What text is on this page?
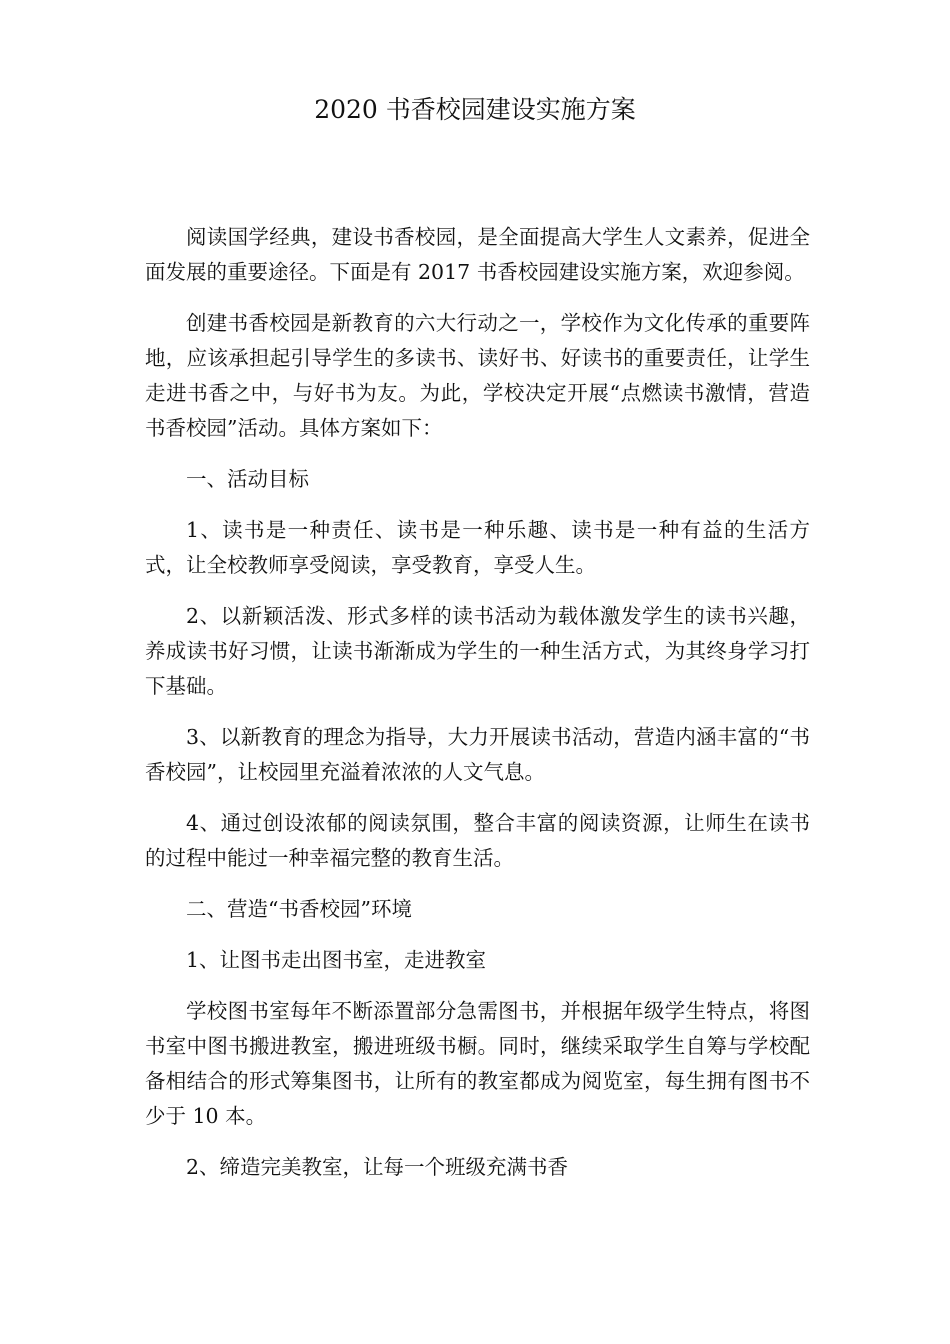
2020 书香校园建设实施方案

阅读国学经典，建设书香校园，是全面提高大学生人文素养，促进全面发展的重要途径。下面是有 2017 书香校园建设实施方案，欢迎参阅。

创建书香校园是新教育的六大行动之一，学校作为文化传承的重要阵地，应该承担起引导学生的多读书、读好书、好读书的重要责任，让学生走进书香之中，与好书为友。为此，学校决定开展“点燃读书激情，营造书香校园”活动。具体方案如下：

一、活动目标

1、读书是一种责任、读书是一种乐趣、读书是一种有益的生活方式，让全校教师享受阅读，享受教育，享受人生。

2、以新颖活泼、形式多样的读书活动为载体激发学生的读书兴趣，养成读书好习惯，让读书渐渐成为学生的一种生活方式，为其终身学习打下基础。

3、以新教育的理念为指导，大力开展读书活动，营造内涵丰富的“书香校园”，让校园里充溢着浓浓的人文气息。

4、通过创设浓郁的阅读氛围，整合丰富的阅读资源，让师生在读书的过程中能过一种幸福完整的教育生活。

二、营造“书香校园”环境

1、让图书走出图书室，走进教室

学校图书室每年不断添置部分急需图书，并根据年级学生特点，将图书室中图书搬进教室，搬进班级书橱。同时，继续采取学生自筹与学校配备相结合的形式筹集图书，让所有的教室都成为阅览室，每生拥有图书不少于 10 本。

2、缔造完美教室，让每一个班级充满书香
